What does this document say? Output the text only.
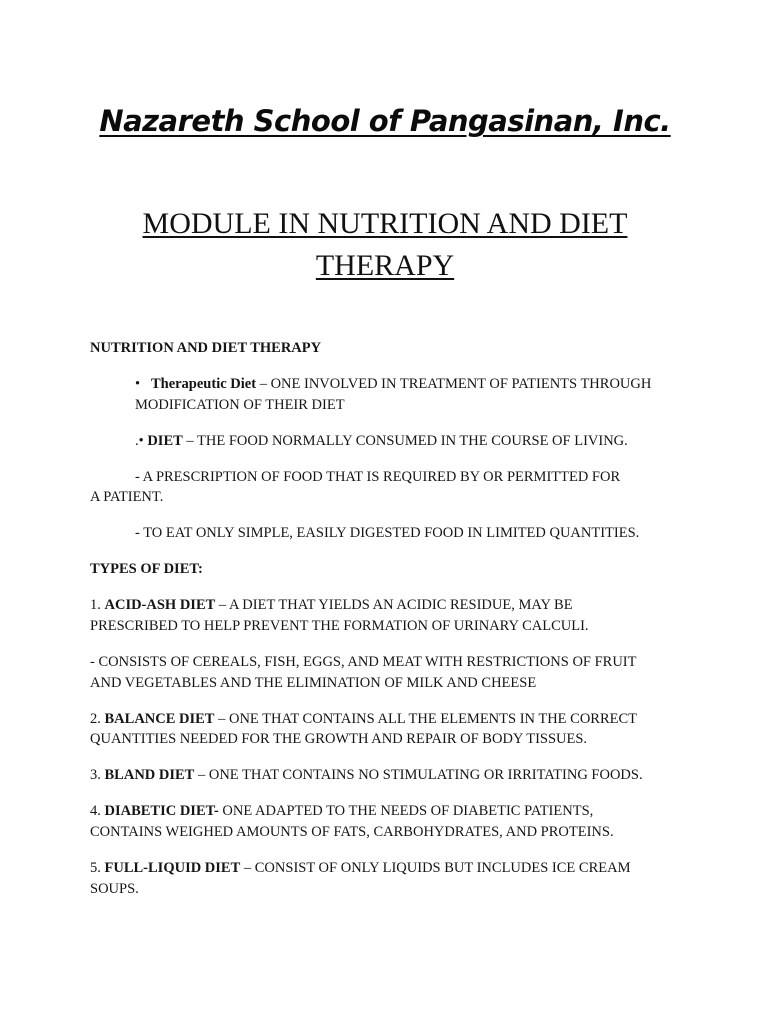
Nazareth School of Pangasinan, Inc.
MODULE IN NUTRITION AND DIET
THERAPY
NUTRITION AND DIET THERAPY
• Therapeutic Diet – ONE INVOLVED IN TREATMENT OF PATIENTS THROUGH
MODIFICATION OF THEIR DIET
.• DIET – THE FOOD NORMALLY CONSUMED IN THE COURSE OF LIVING.
- A PRESCRIPTION OF FOOD THAT IS REQUIRED BY OR PERMITTED FOR
A PATIENT.
- TO EAT ONLY SIMPLE, EASILY DIGESTED FOOD IN LIMITED QUANTITIES.
TYPES OF DIET:
1. ACID-ASH DIET – A DIET THAT YIELDS AN ACIDIC RESIDUE, MAY BE
PRESCRIBED TO HELP PREVENT THE FORMATION OF URINARY CALCULI.
- CONSISTS OF CEREALS, FISH, EGGS, AND MEAT WITH RESTRICTIONS OF FRUIT
AND VEGETABLES AND THE ELIMINATION OF MILK AND CHEESE
2. BALANCE DIET – ONE THAT CONTAINS ALL THE ELEMENTS IN THE CORRECT
QUANTITIES NEEDED FOR THE GROWTH AND REPAIR OF BODY TISSUES.
3. BLAND DIET – ONE THAT CONTAINS NO STIMULATING OR IRRITATING FOODS.
4. DIABETIC DIET- ONE ADAPTED TO THE NEEDS OF DIABETIC PATIENTS,
CONTAINS WEIGHED AMOUNTS OF FATS, CARBOHYDRATES, AND PROTEINS.
5. FULL-LIQUID DIET – CONSIST OF ONLY LIQUIDS BUT INCLUDES ICE CREAM
SOUPS.
